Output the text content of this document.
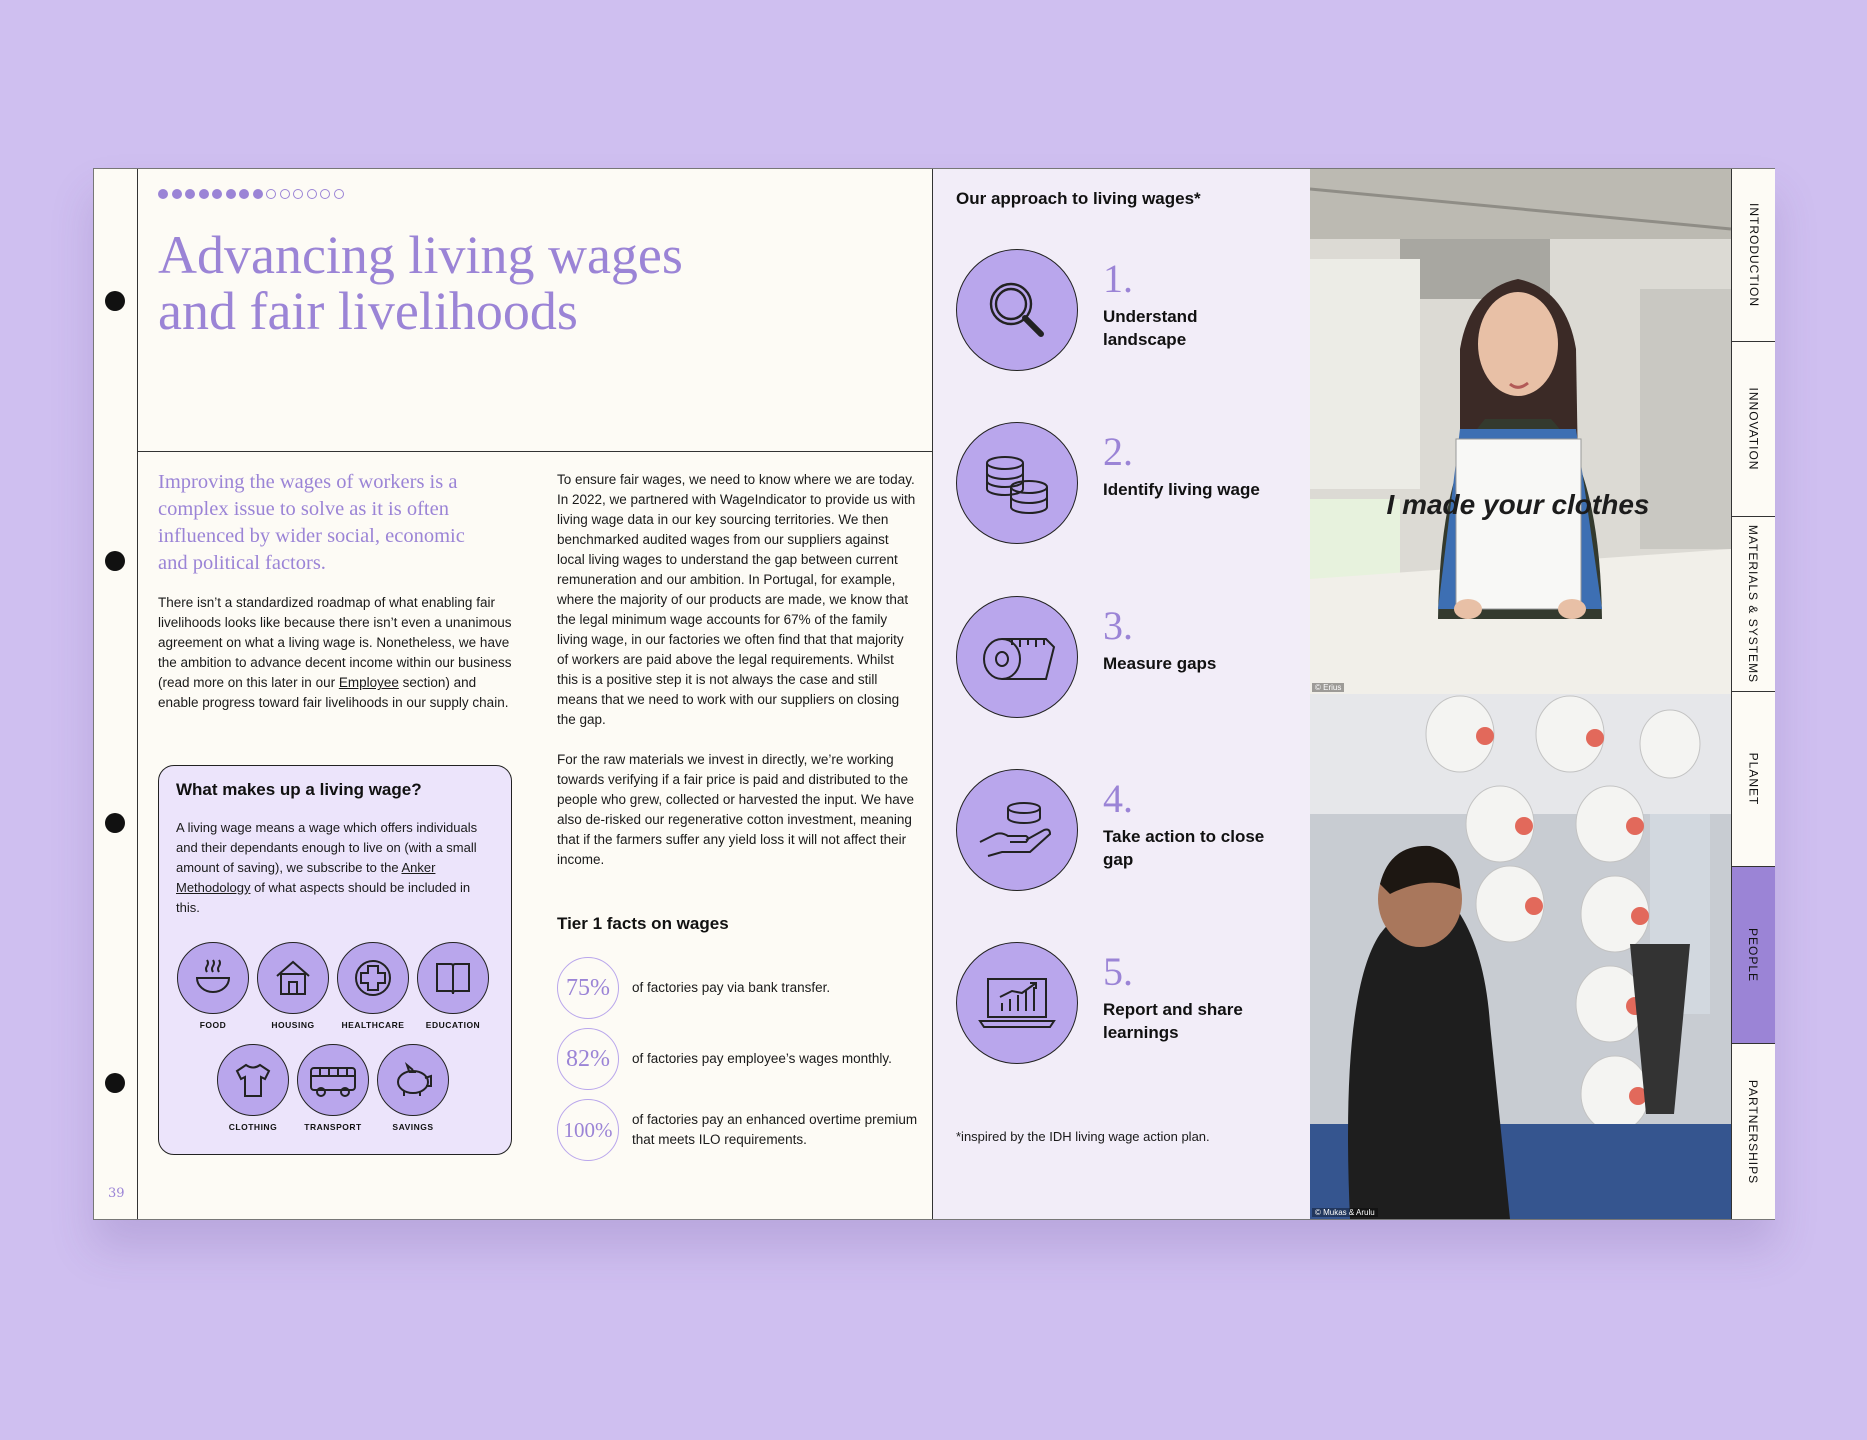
39
Advancing living wages
and fair livelihoods
Improving the wages of workers is a complex issue to solve as it is often influenced by wider social, economic and political factors.

There isn’t a standardized roadmap of what enabling fair livelihoods looks like because there isn’t even a unanimous agreement on what a living wage is. Nonetheless, we have the ambition to advance decent income within our business (read more on this later in our Employee section) and enable progress toward fair livelihoods in our supply chain.

What makes up a living wage?

A living wage means a wage which offers individuals and their dependants enough to live on (with a small amount of saving), we subscribe to the Anker Methodology of what aspects should be included in this.

FOOD	HOUSING	HEALTHCARE	EDUCATION
CLOTHING	TRANSPORT	SAVINGS

To ensure fair wages, we need to know where we are today. In 2022, we partnered with WageIndicator to provide us with living wage data in our key sourcing territories. We then benchmarked audited wages from our suppliers against local living wages to understand the gap between current remuneration and our ambition. In Portugal, for example, where the majority of our products are made, we know that the legal minimum wage accounts for 67% of the family living wage, in our factories we often find that that majority of workers are paid above the legal requirements. Whilst this is a positive step it is not always the case and still means that we need to work with our suppliers on closing the gap.

For the raw materials we invest in directly, we’re working towards verifying if a fair price is paid and distributed to the people who grew, collected or harvested the input. We have also de-risked our regenerative cotton investment, meaning that if the farmers suffer any yield loss it will not affect their income.

Tier 1 facts on wages
75%	of factories pay via bank transfer.
82%	of factories pay employee’s wages monthly.
100%	of factories pay an enhanced overtime premium that meets ILO requirements.
Our approach to living wages*
1.
Understand landscape
2.
Identify living wage
3.
Measure gaps
4.
Take action to close gap
5.
Report and share learnings
*inspired by the IDH living wage action plan.
I made your clothes
© Erius
© Mukas & Arulu
INTRODUCTION
INNOVATION
MATERIALS & SYSTEMS
PLANET
PEOPLE
PARTNERSHIPS
